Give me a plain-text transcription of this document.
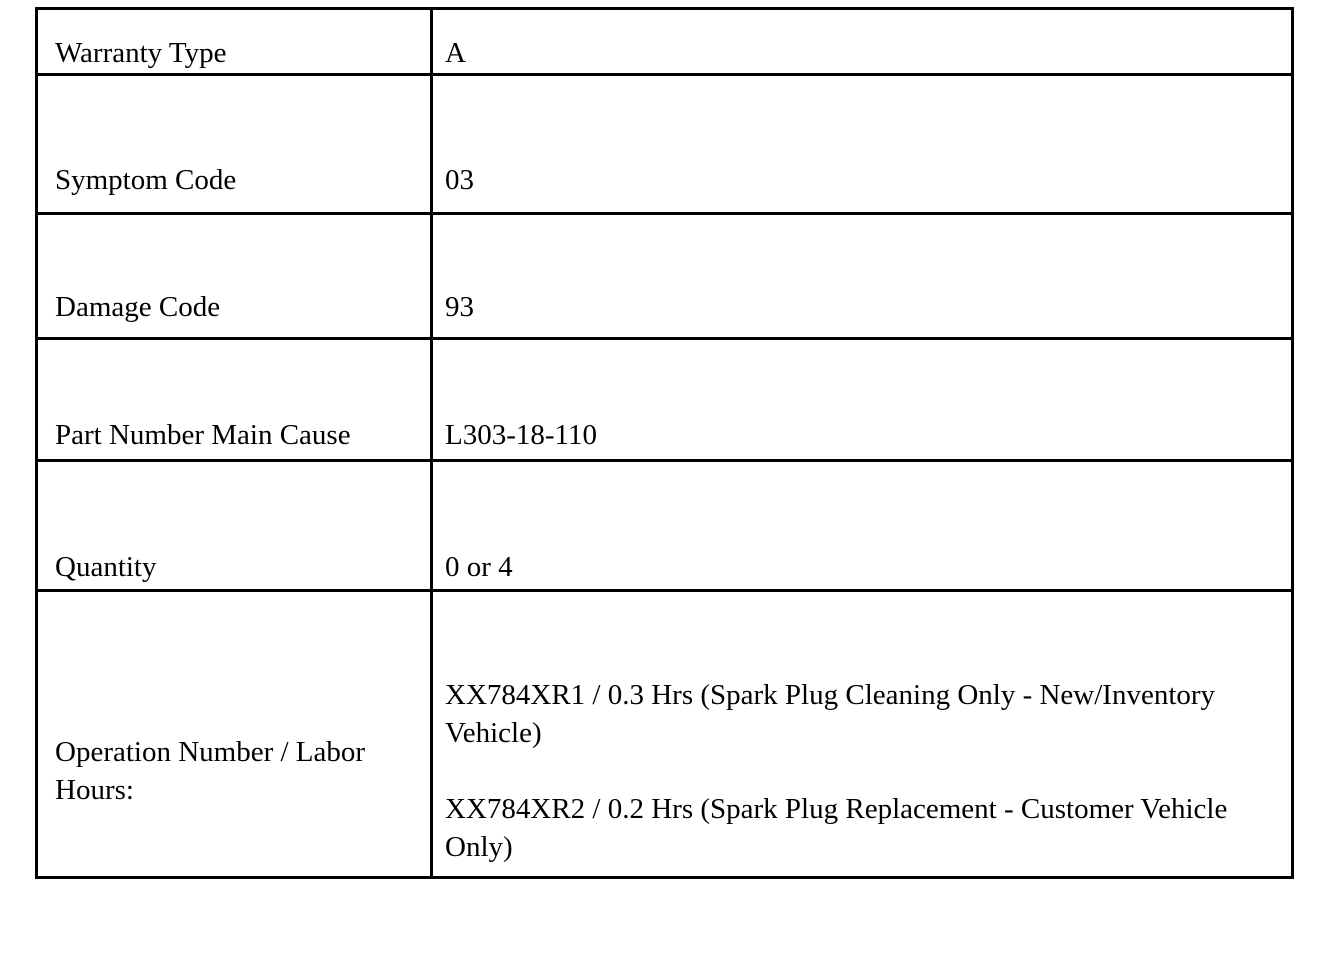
Warranty Type	A
Symptom Code	03
Damage Code	93
Part Number Main Cause	L303-18-110
Quantity	0 or 4
Operation Number / Labor Hours:	XX784XR1 / 0.3 Hrs (Spark Plug Cleaning Only - New/Inventory Vehicle)
XX784XR2 / 0.2 Hrs (Spark Plug Replacement - Customer Vehicle Only)
